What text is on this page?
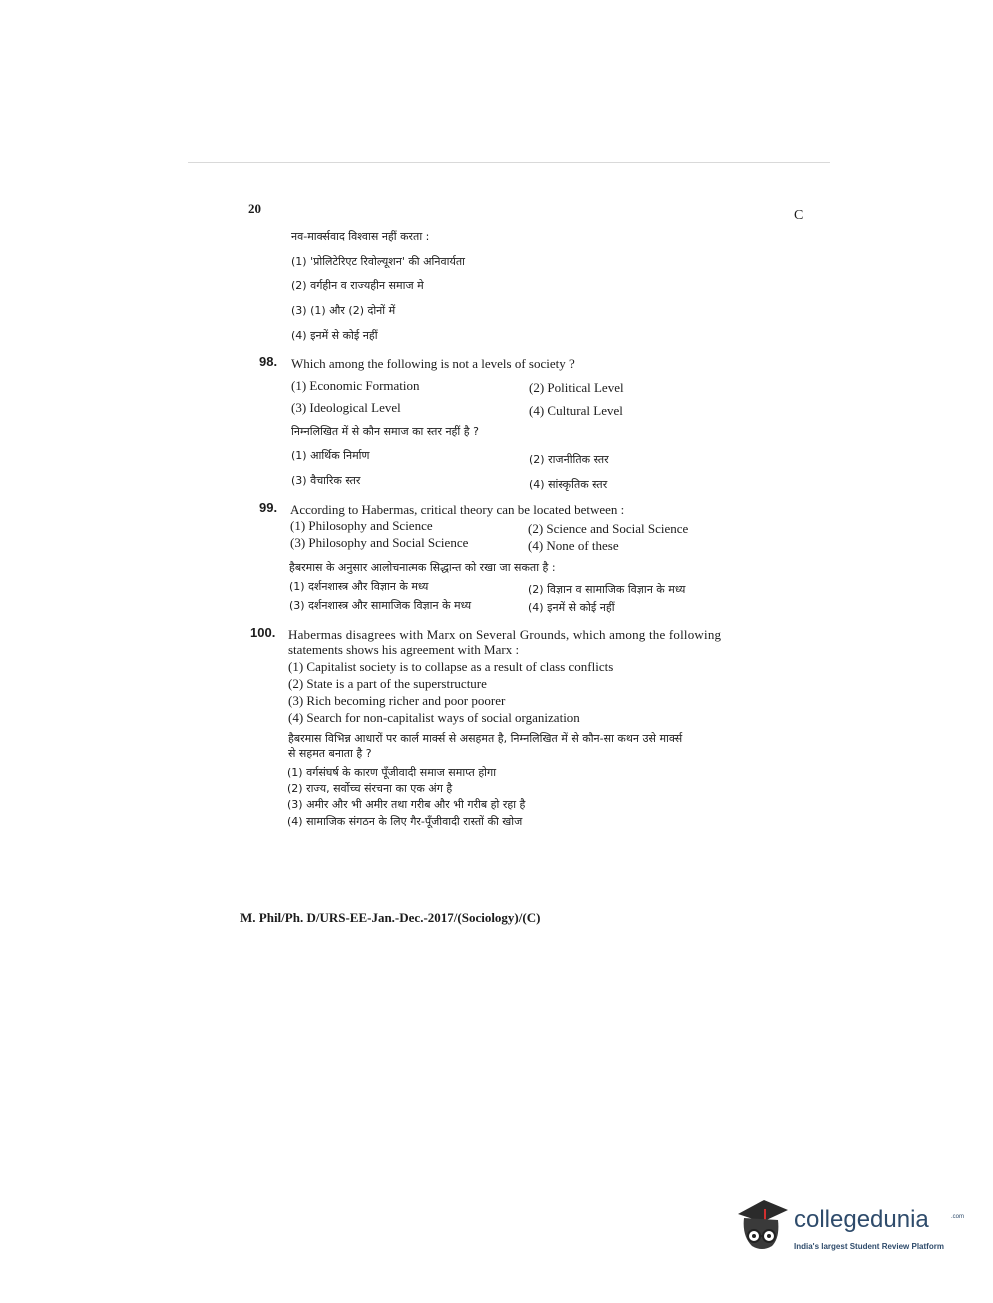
20	C
नव-मार्क्सवाद विश्वास नहीं करता :
(1) 'प्रोलिटेरिएट रिवोल्यूशन' की अनिवार्यता
(2) वर्गहीन व राज्यहीन समाज मे
(3) (1) और (2) दोनों में
(4) इनमें से कोई नहीं
98. Which among the following is not a levels of society ?
(1) Economic Formation	(2) Political Level
(3) Ideological Level	(4) Cultural Level
निम्नलिखित में से कौन समाज का स्तर नहीं है ?
(1) आर्थिक निर्माण	(2) राजनीतिक स्तर
(3) वैचारिक स्तर	(4) सांस्कृतिक स्तर
99. According to Habermas, critical theory can be located between :
(1) Philosophy and Science	(2) Science and Social Science
(3) Philosophy and Social Science	(4) None of these
हैबरमास के अनुसार आलोचनात्मक सिद्धान्त को रखा जा सकता है :
(1) दर्शनशास्त्र और विज्ञान के मध्य	(2) विज्ञान व सामाजिक विज्ञान के मध्य
(3) दर्शनशास्त्र और सामाजिक विज्ञान के मध्य	(4) इनमें से कोई नहीं
100. Habermas disagrees with Marx on Several Grounds, which among the following
statements shows his agreement with Marx :
(1) Capitalist society is to collapse as a result of class conflicts
(2) State is a part of the superstructure
(3) Rich becoming richer and poor poorer
(4) Search for non-capitalist ways of social organization
हैबरमास विभिन्न आधारों पर कार्ल मार्क्स से असहमत है, निम्नलिखित में से कौन-सा कथन उसे मार्क्स
से सहमत बनाता है ?
(1) वर्गसंघर्ष के कारण पूँजीवादी समाज समाप्त होगा
(2) राज्य, सर्वोच्च संरचना का एक अंग है
(3) अमीर और भी अमीर तथा गरीब और भी गरीब हो रहा है
(4) सामाजिक संगठन के लिए गैर-पूँजीवादी रास्तों की खोज
M. Phil/Ph. D/URS-EE-Jan.-Dec.-2017/(Sociology)/(C)
collegedunia	.com
India's largest Student Review Platform
